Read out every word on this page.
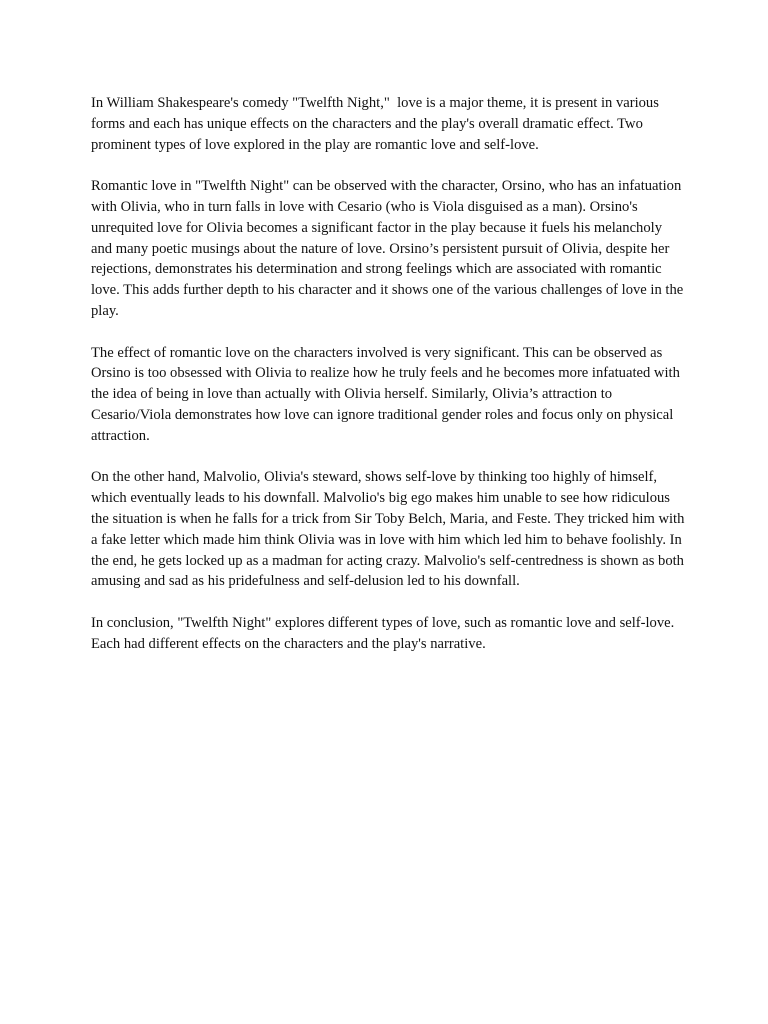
In William Shakespeare's comedy "Twelfth Night,"  love is a major theme, it is present in various forms and each has unique effects on the characters and the play's overall dramatic effect. Two prominent types of love explored in the play are romantic love and self-love.

Romantic love in "Twelfth Night" can be observed with the character, Orsino, who has an infatuation with Olivia, who in turn falls in love with Cesario (who is Viola disguised as a man). Orsino's unrequited love for Olivia becomes a significant factor in the play because it fuels his melancholy and many poetic musings about the nature of love. Orsino’s persistent pursuit of Olivia, despite her rejections, demonstrates his determination and strong feelings which are associated with romantic love. This adds further depth to his character and it shows one of the various challenges of love in the play.

The effect of romantic love on the characters involved is very significant. This can be observed as Orsino is too obsessed with Olivia to realize how he truly feels and he becomes more infatuated with the idea of being in love than actually with Olivia herself. Similarly, Olivia’s attraction to Cesario/Viola demonstrates how love can ignore traditional gender roles and focus only on physical attraction.

On the other hand, Malvolio, Olivia's steward, shows self-love by thinking too highly of himself, which eventually leads to his downfall. Malvolio's big ego makes him unable to see how ridiculous the situation is when he falls for a trick from Sir Toby Belch, Maria, and Feste. They tricked him with a fake letter which made him think Olivia was in love with him which led him to behave foolishly. In the end, he gets locked up as a madman for acting crazy. Malvolio's self-centredness is shown as both amusing and sad as his pridefulness and self-delusion led to his downfall.

In conclusion, "Twelfth Night" explores different types of love, such as romantic love and self-love. Each had different effects on the characters and the play's narrative.
